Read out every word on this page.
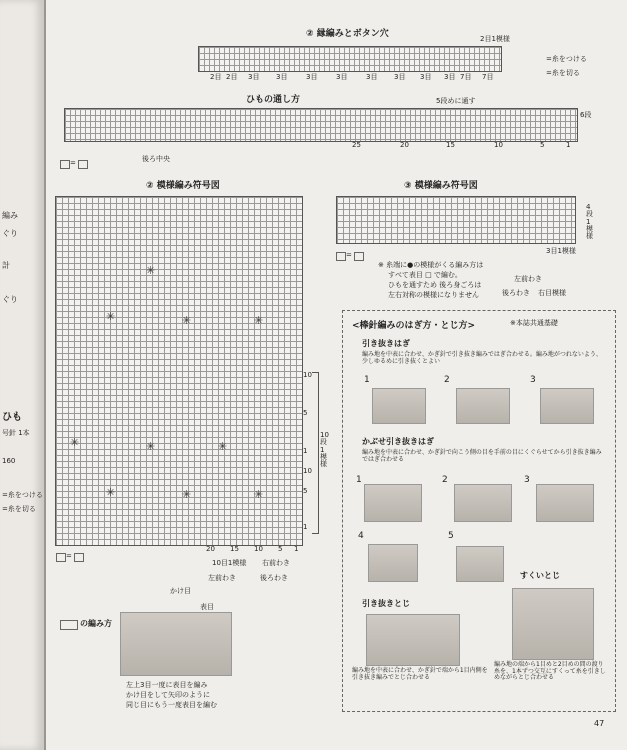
編み
ぐり
計
ぐり
ひも
号針 1本
160
=糸をつける
=糸を切る
② 縁編みとボタン穴	2目1模様
2目 2目 3目 3目	3目	3目	3目 3目 3目 3目 7目 7目
=糸をつける
=糸を切る
ひもの通し方	5段めに通す
6段
25	20	15	10	5	1
後ろ中央
=
② 模様編み符号図
✳
✳	✳	✳
✳	✳	✳
✳	✳	✳
10
5
1
10
5
1
10段1模様
20 15 10 5 1
10目1模様 右前わき
左前わき	後ろわき
=
③ 模様編み符号図
4段1模様
3目1模様
=
※ 糸端に●の模様がくる編み方は
すべて表目 □ で編む。
ひもを通すため 後ろ身ごろは
左右対称の模様になりません
左前わき
後ろわき 右目模様
<棒針編みのはぎ方・とじ方>	※本誌共通基礎
引き抜きはぎ
編み地を中表に合わせ、かぎ針で引き抜き編みではぎ合わせる。編み地がつれないよう、少しゆるめに引き抜くとよい
1	2	3
かぶせ引き抜きはぎ
編み地を中表に合わせ、かぎ針で向こう側の目を手前の目にくぐらせてから引き抜き編みではぎ合わせる
1	2	3
4	5
引き抜きとじ
編み地を中表に合わせ、かぎ針で端から1目内側を引き抜き編みでとじ合わせる
すくいとじ
編み地の端から1目めと2目めの間の渡り糸を、1本ずつ交互にすくって糸を引きしめながらとじ合わせる
の編み方
かけ目
表目
左上3目一度に表目を編み
かけ目をして矢印のように
同じ目にもう一度表目を編む
47
